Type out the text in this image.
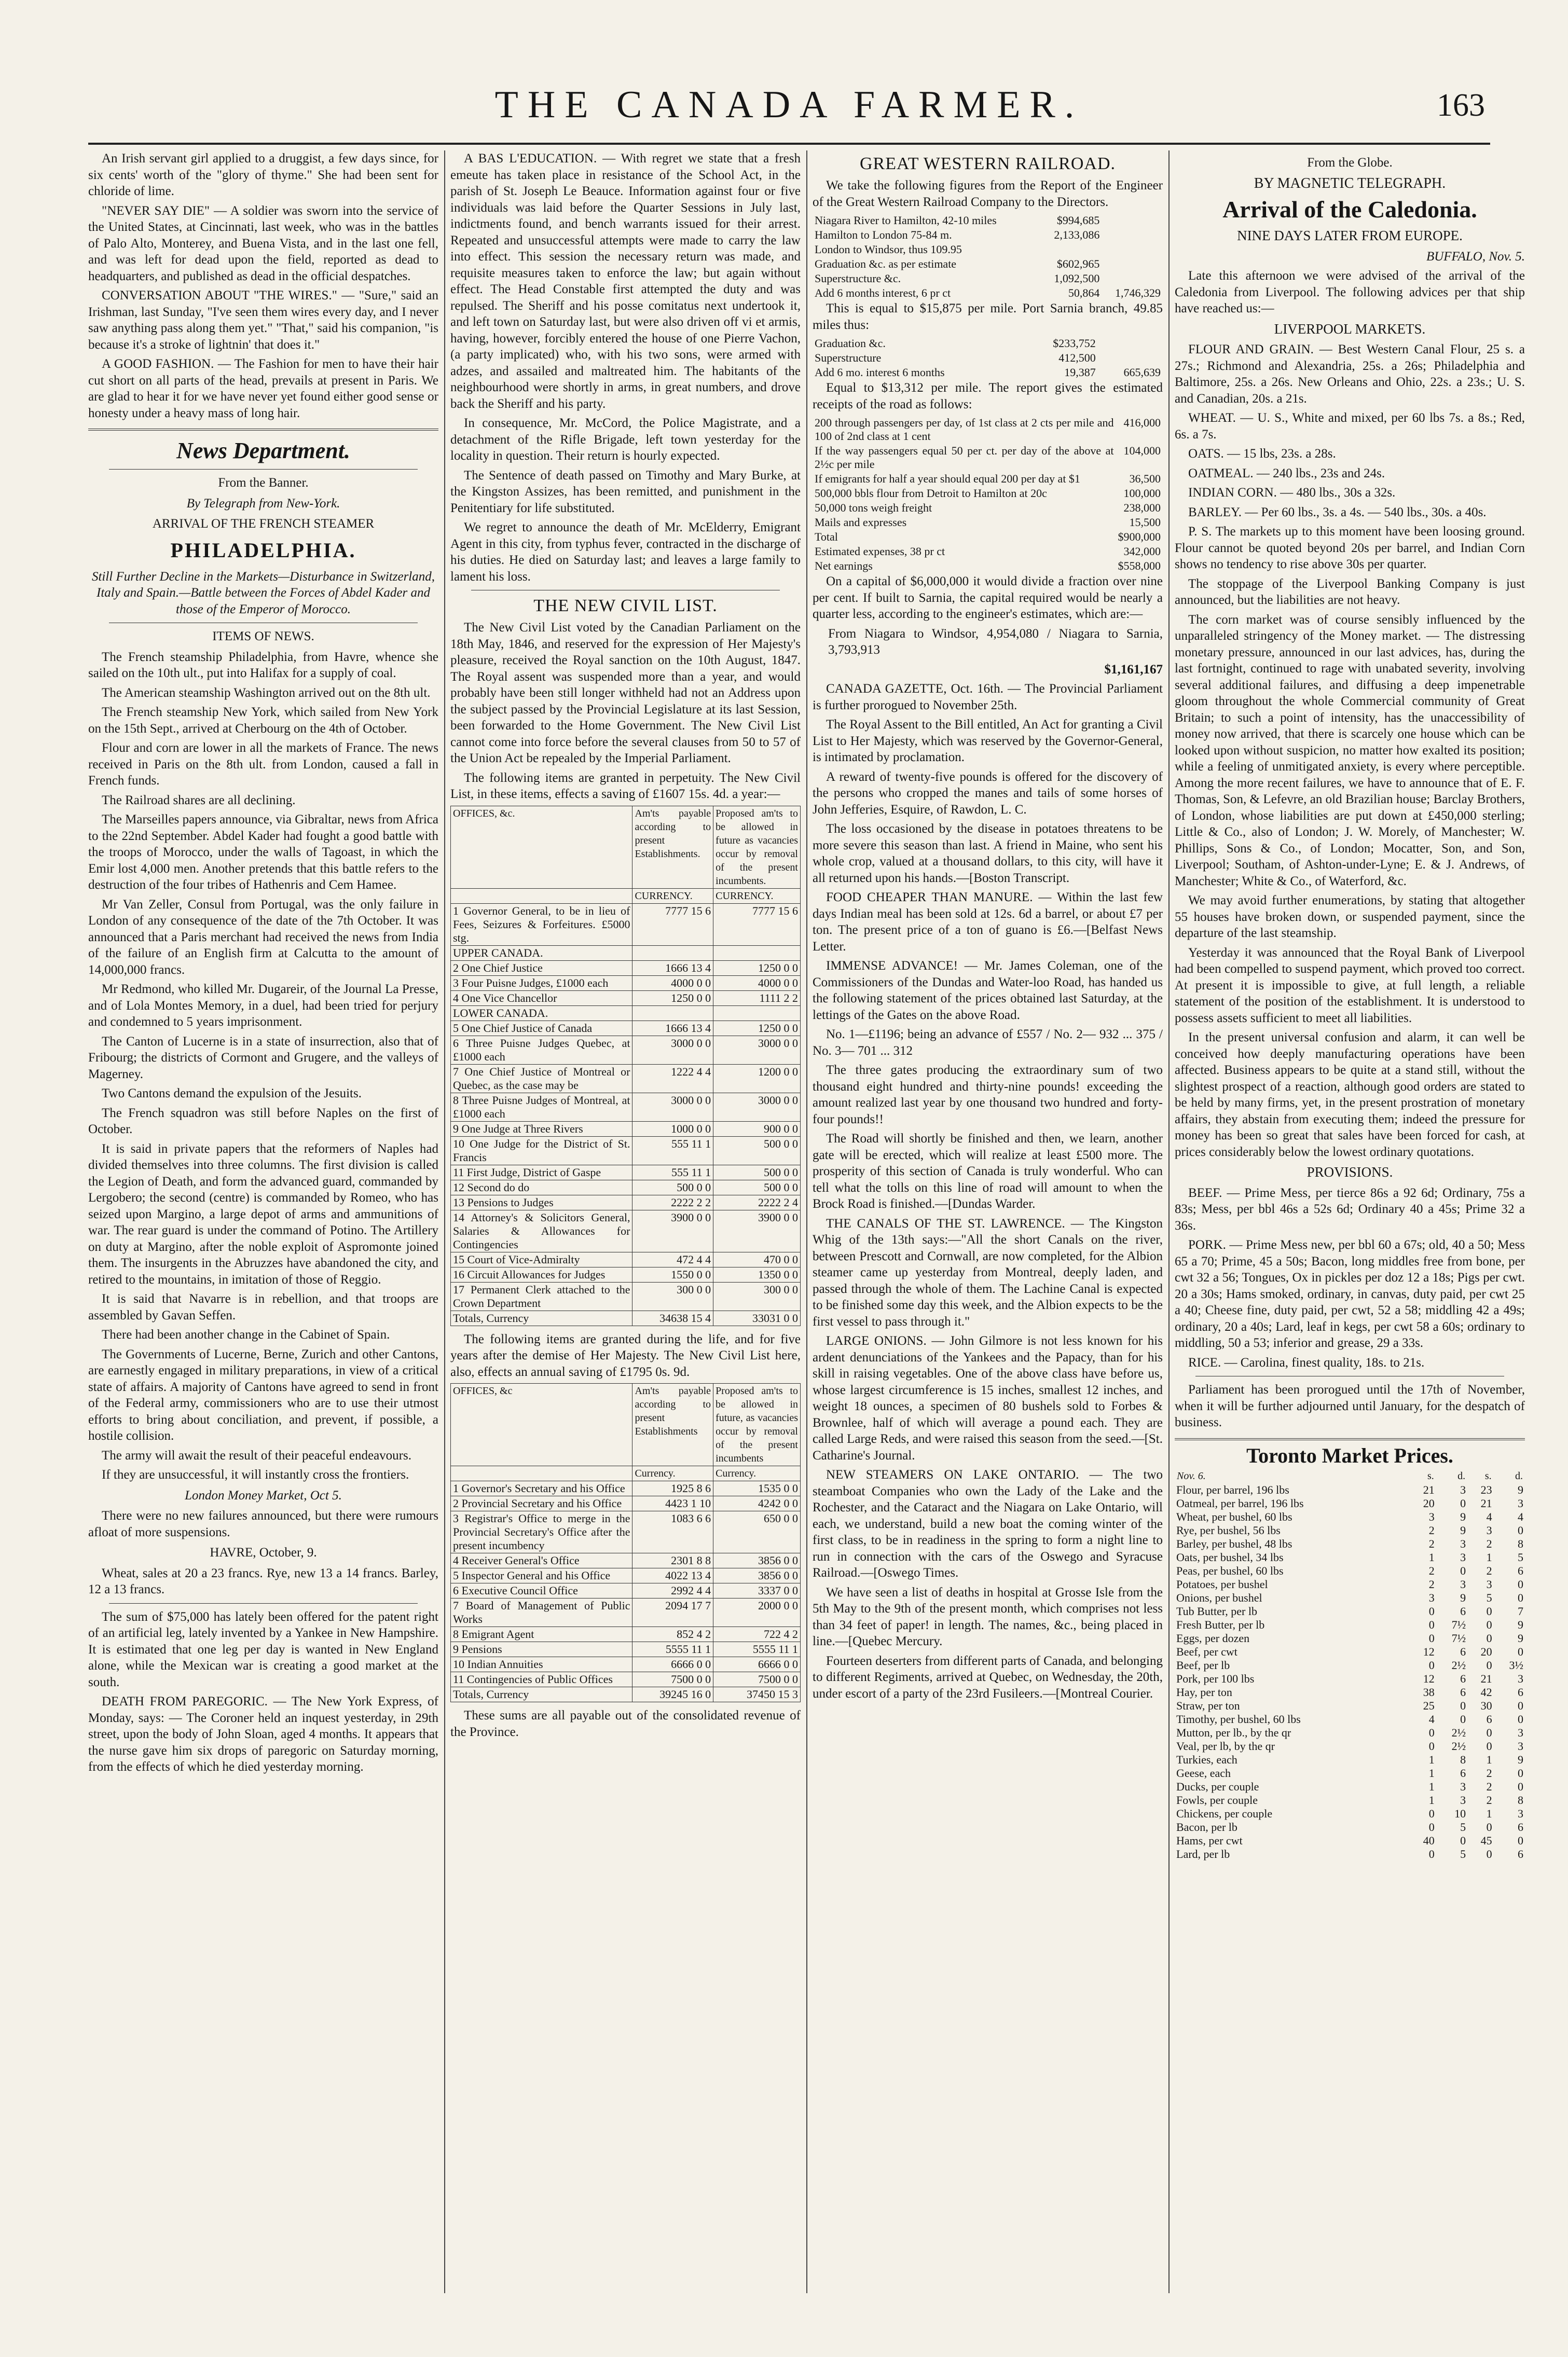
THE CANADA FARMER.	163

An Irish servant girl applied to a druggist, a few days since, for six cents' worth of the "glory of thyme." She had been sent for chloride of lime.

"NEVER SAY DIE" — A soldier was sworn into the service of the United States, at Cincinnati, last week, who was in the battles of Palo Alto, Monterey, and Buena Vista, and in the last one fell, and was left for dead upon the field, reported as dead to headquarters, and published as dead in the official despatches.

CONVERSATION ABOUT "THE WIRES." — "Sure," said an Irishman, last Sunday, "I've seen them wires every day, and I never saw anything pass along them yet." "That," said his companion, "is because it's a stroke of lightnin' that does it."

A GOOD FASHION. — The Fashion for men to have their hair cut short on all parts of the head, prevails at present in Paris. We are glad to hear it for we have never yet found either good sense or honesty under a heavy mass of long hair.

News Department.

From the Banner.

By Telegraph from New-York.

ARRIVAL OF THE FRENCH STEAMER

PHILADELPHIA.

Still Further Decline in the Markets—Disturbance in Switzerland, Italy and Spain.—Battle between the Forces of Abdel Kader and those of the Emperor of Morocco.

ITEMS OF NEWS.

The French steamship Philadelphia, from Havre, whence she sailed on the 10th ult., put into Halifax for a supply of coal.

The American steamship Washington arrived out on the 8th ult.

The French steamship New York, which sailed from New York on the 15th Sept., arrived at Cherbourg on the 4th of October.

Flour and corn are lower in all the markets of France. The news received in Paris on the 8th ult. from London, caused a fall in French funds.

The Railroad shares are all declining.

The Marseilles papers announce, via Gibraltar, news from Africa to the 22nd September. Abdel Kader had fought a good battle with the troops of Morocco, under the walls of Tagoast, in which the Emir lost 4,000 men. Another pretends that this battle refers to the destruction of the four tribes of Hathenris and Cem Hamee.

Mr Van Zeller, Consul from Portugal, was the only failure in London of any consequence of the date of the 7th October. It was announced that a Paris merchant had received the news from India of the failure of an English firm at Calcutta to the amount of 14,000,000 francs.

Mr Redmond, who killed Mr. Dugareir, of the Journal La Presse, and of Lola Montes Memory, in a duel, had been tried for perjury and condemned to 5 years imprisonment.

The Canton of Lucerne is in a state of insurrection, also that of Fribourg; the districts of Cormont and Grugere, and the valleys of Magerney.

Two Cantons demand the expulsion of the Jesuits.

The French squadron was still before Naples on the first of October.

It is said in private papers that the reformers of Naples had divided themselves into three columns. The first division is called the Legion of Death, and form the advanced guard, commanded by Lergobero; the second (centre) is commanded by Romeo, who has seized upon Margino, a large depot of arms and ammunitions of war. The rear guard is under the command of Potino. The Artillery on duty at Margino, after the noble exploit of Aspromonte joined them. The insurgents in the Abruzzes have abandoned the city, and retired to the mountains, in imitation of those of Reggio.

It is said that Navarre is in rebellion, and that troops are assembled by Gavan Seffen.

There had been another change in the Cabinet of Spain.

The Governments of Lucerne, Berne, Zurich and other Cantons, are earnestly engaged in military preparations, in view of a critical state of affairs. A majority of Cantons have agreed to send in front of the Federal army, commissioners who are to use their utmost efforts to bring about conciliation, and prevent, if possible, a hostile collision.

The army will await the result of their peaceful endeavours.

If they are unsuccessful, it will instantly cross the frontiers.

London Money Market, Oct 5.

There were no new failures announced, but there were rumours afloat of more suspensions.

HAVRE, October, 9.

Wheat, sales at 20 a 23 francs. Rye, new 13 a 14 francs. Barley, 12 a 13 francs.

The sum of $75,000 has lately been offered for the patent right of an artificial leg, lately invented by a Yankee in New Hampshire. It is estimated that one leg per day is wanted in New England alone, while the Mexican war is creating a good market at the south.

DEATH FROM PAREGORIC. — The New York Express, of Monday, says: — The Coroner held an inquest yesterday, in 29th street, upon the body of John Sloan, aged 4 months. It appears that the nurse gave him six drops of paregoric on Saturday morning, from the effects of which he died yesterday morning.

A BAS L'EDUCATION. — With regret we state that a fresh emeute has taken place in resistance of the School Act, in the parish of St. Joseph Le Beauce. Information against four or five individuals was laid before the Quarter Sessions in July last, indictments found, and bench warrants issued for their arrest. Repeated and unsuccessful attempts were made to carry the law into effect. This session the necessary return was made, and requisite measures taken to enforce the law; but again without effect. The Head Constable first attempted the duty and was repulsed. The Sheriff and his posse comitatus next undertook it, and left town on Saturday last, but were also driven off vi et armis, having, however, forcibly entered the house of one Pierre Vachon, (a party implicated) who, with his two sons, were armed with adzes, and assailed and maltreated him. The habitants of the neighbourhood were shortly in arms, in great numbers, and drove back the Sheriff and his party.

In consequence, Mr. McCord, the Police Magistrate, and a detachment of the Rifle Brigade, left town yesterday for the locality in question. Their return is hourly expected.

The Sentence of death passed on Timothy and Mary Burke, at the Kingston Assizes, has been remitted, and punishment in the Penitentiary for life substituted.

We regret to announce the death of Mr. McElderry, Emigrant Agent in this city, from typhus fever, contracted in the discharge of his duties. He died on Saturday last; and leaves a large family to lament his loss.

THE NEW CIVIL LIST.

The New Civil List voted by the Canadian Parliament on the 18th May, 1846, and reserved for the expression of Her Majesty's pleasure, received the Royal sanction on the 10th August, 1847. The Royal assent was suspended more than a year, and would probably have been still longer withheld had not an Address upon the subject passed by the Provincial Legislature at its last Session, been forwarded to the Home Government. The New Civil List cannot come into force before the several clauses from 50 to 57 of the Union Act be repealed by the Imperial Parliament.

The following items are granted in perpetuity. The New Civil List, in these items, effects a saving of £1607 15s. 4d. a year:—

OFFICES, &c.	Am'ts payable according to present Establishments.	Proposed am'ts to be allowed in future as vacancies occur by removal of the present incumbents.
	CURRENCY.	CURRENCY.
1 Governor General, to be in lieu of Fees, Seizures & Forfeitures. £5000 stg.	7777 15 6	7777 15 6
UPPER CANADA.		
2 One Chief Justice	1666 13 4	1250 0 0
3 Four Puisne Judges, £1000 each	4000 0 0	4000 0 0
4 One Vice Chancellor	1250 0 0	1111 2 2
LOWER CANADA.		
5 One Chief Justice of Canada	1666 13 4	1250 0 0
6 Three Puisne Judges Quebec, at £1000 each	3000 0 0	3000 0 0
7 One Chief Justice of Montreal or Quebec, as the case may be	1222 4 4	1200 0 0
8 Three Puisne Judges of Montreal, at £1000 each	3000 0 0	3000 0 0
9 One Judge at Three Rivers	1000 0 0	900 0 0
10 One Judge for the District of St. Francis	555 11 1	500 0 0
11 First Judge, District of Gaspe	555 11 1	500 0 0
12 Second do do	500 0 0	500 0 0
13 Pensions to Judges	2222 2 2	2222 2 4
14 Attorney's & Solicitors General, Salaries & Allowances for Contingencies	3900 0 0	3900 0 0
15 Court of Vice-Admiralty	472 4 4	470 0 0
16 Circuit Allowances for Judges	1550 0 0	1350 0 0
17 Permanent Clerk attached to the Crown Department	300 0 0	300 0 0
Totals, Currency	34638 15 4	33031 0 0

The following items are granted during the life, and for five years after the demise of Her Majesty. The New Civil List here, also, effects an annual saving of £1795 0s. 9d.

OFFICES, &c	Am'ts payable according to present Establishments	Proposed am'ts to be allowed in future, as vacancies occur by removal of the present incumbents
	Currency.	Currency.
1 Governor's Secretary and his Office	1925 8 6	1535 0 0
2 Provincial Secretary and his Office	4423 1 10	4242 0 0
3 Registrar's Office to merge in the Provincial Secretary's Office after the present incumbency	1083 6 6	650 0 0
4 Receiver General's Office	2301 8 8	3856 0 0
5 Inspector General and his Office	4022 13 4	3856 0 0
6 Executive Council Office	2992 4 4	3337 0 0
7 Board of Management of Public Works	2094 17 7	2000 0 0
8 Emigrant Agent	852 4 2	722 4 2
9 Pensions	5555 11 1	5555 11 1
10 Indian Annuities	6666 0 0	6666 0 0
11 Contingencies of Public Offices	7500 0 0	7500 0 0
Totals, Currency	39245 16 0	37450 15 3

These sums are all payable out of the consolidated revenue of the Province.

GREAT WESTERN RAILROAD.

We take the following figures from the Report of the Engineer of the Great Western Railroad Company to the Directors.

Niagara River to Hamilton, 42-10 miles	$994,685	
Hamilton to London 75-84 m.	2,133,086	
London to Windsor, thus 109.95		
Graduation &c. as per estimate	$602,965	
Superstructure &c.	1,092,500	
Add 6 months interest, 6 pr ct	50,864	1,746,329

This is equal to $15,875 per mile. Port Sarnia branch, 49.85 miles thus:

Graduation &c.	$233,752	
Superstructure	412,500	
Add 6 mo. interest 6 months	19,387	665,639

Equal to $13,312 per mile. The report gives the estimated receipts of the road as follows:

200 through passengers per day, of 1st class at 2 cts per mile and 100 of 2nd class at 1 cent	416,000
If the way passengers equal 50 per ct. per day of the above at 2½c per mile	104,000
If emigrants for half a year should equal 200 per day at $1	36,500
500,000 bbls flour from Detroit to Hamilton at 20c	100,000
50,000 tons weigh freight	238,000
Mails and expresses	15,500
Total	$900,000
Estimated expenses, 38 pr ct	342,000
Net earnings	$558,000

On a capital of $6,000,000 it would divide a fraction over nine per cent. If built to Sarnia, the capital required would be nearly a quarter less, according to the engineer's estimates, which are:—

From Niagara to Windsor, 4,954,080 / Niagara to Sarnia, 3,793,913

$1,161,167

CANADA GAZETTE, Oct. 16th. — The Provincial Parliament is further prorogued to November 25th.

The Royal Assent to the Bill entitled, An Act for granting a Civil List to Her Majesty, which was reserved by the Governor-General, is intimated by proclamation.

A reward of twenty-five pounds is offered for the discovery of the persons who cropped the manes and tails of some horses of John Jefferies, Esquire, of Rawdon, L. C.

The loss occasioned by the disease in potatoes threatens to be more severe this season than last. A friend in Maine, who sent his whole crop, valued at a thousand dollars, to this city, will have it all returned upon his hands.—[Boston Transcript.

FOOD CHEAPER THAN MANURE. — Within the last few days Indian meal has been sold at 12s. 6d a barrel, or about £7 per ton. The present price of a ton of guano is £6.—[Belfast News Letter.

IMMENSE ADVANCE! — Mr. James Coleman, one of the Commissioners of the Dundas and Water-loo Road, has handed us the following statement of the prices obtained last Saturday, at the lettings of the Gates on the above Road.

No. 1—£1196; being an advance of £557 / No. 2— 932 ... 375 / No. 3— 701 ... 312

The three gates producing the extraordinary sum of two thousand eight hundred and thirty-nine pounds! exceeding the amount realized last year by one thousand two hundred and forty-four pounds!!

The Road will shortly be finished and then, we learn, another gate will be erected, which will realize at least £500 more. The prosperity of this section of Canada is truly wonderful. Who can tell what the tolls on this line of road will amount to when the Brock Road is finished.—[Dundas Warder.

THE CANALS OF THE ST. LAWRENCE. — The Kingston Whig of the 13th says:—"All the short Canals on the river, between Prescott and Cornwall, are now completed, for the Albion steamer came up yesterday from Montreal, deeply laden, and passed through the whole of them. The Lachine Canal is expected to be finished some day this week, and the Albion expects to be the first vessel to pass through it."

LARGE ONIONS. — John Gilmore is not less known for his ardent denunciations of the Yankees and the Papacy, than for his skill in raising vegetables. One of the above class have before us, whose largest circumference is 15 inches, smallest 12 inches, and weight 18 ounces, a specimen of 80 bushels sold to Forbes & Brownlee, half of which will average a pound each. They are called Large Reds, and were raised this season from the seed.—[St. Catharine's Journal.

NEW STEAMERS ON LAKE ONTARIO. — The two steamboat Companies who own the Lady of the Lake and the Rochester, and the Cataract and the Niagara on Lake Ontario, will each, we understand, build a new boat the coming winter of the first class, to be in readiness in the spring to form a night line to run in connection with the cars of the Oswego and Syracuse Railroad.—[Oswego Times.

We have seen a list of deaths in hospital at Grosse Isle from the 5th May to the 9th of the present month, which comprises not less than 34 feet of paper! in length. The names, &c., being placed in line.—[Quebec Mercury.

Fourteen deserters from different parts of Canada, and belonging to different Regiments, arrived at Quebec, on Wednesday, the 20th, under escort of a party of the 23rd Fusileers.—[Montreal Courier.

From the Globe.

BY MAGNETIC TELEGRAPH.

Arrival of the Caledonia.

NINE DAYS LATER FROM EUROPE.

BUFFALO, Nov. 5.

Late this afternoon we were advised of the arrival of the Caledonia from Liverpool. The following advices per that ship have reached us:—

LIVERPOOL MARKETS.

FLOUR AND GRAIN. — Best Western Canal Flour, 25 s. a 27s.; Richmond and Alexandria, 25s. a 26s; Philadelphia and Baltimore, 25s. a 26s. New Orleans and Ohio, 22s. a 23s.; U. S. and Canadian, 20s. a 21s.

WHEAT. — U. S., White and mixed, per 60 lbs 7s. a 8s.; Red, 6s. a 7s.

OATS. — 15 lbs, 23s. a 28s.

OATMEAL. — 240 lbs., 23s and 24s.

INDIAN CORN. — 480 lbs., 30s a 32s.

BARLEY. — Per 60 lbs., 3s. a 4s. — 540 lbs., 30s. a 40s.

P. S. The markets up to this moment have been loosing ground. Flour cannot be quoted beyond 20s per barrel, and Indian Corn shows no tendency to rise above 30s per quarter.

The stoppage of the Liverpool Banking Company is just announced, but the liabilities are not heavy.

The corn market was of course sensibly influenced by the unparalleled stringency of the Money market. — The distressing monetary pressure, announced in our last advices, has, during the last fortnight, continued to rage with unabated severity, involving several additional failures, and diffusing a deep impenetrable gloom throughout the whole Commercial community of Great Britain; to such a point of intensity, has the unaccessibility of money now arrived, that there is scarcely one house which can be looked upon without suspicion, no matter how exalted its position; while a feeling of unmitigated anxiety, is every where perceptible. Among the more recent failures, we have to announce that of E. F. Thomas, Son, & Lefevre, an old Brazilian house; Barclay Brothers, of London, whose liabilities are put down at £450,000 sterling; Little & Co., also of London; J. W. Morely, of Manchester; W. Phillips, Sons & Co., of London; Mocatter, Son, and Son, Liverpool; Southam, of Ashton-under-Lyne; E. & J. Andrews, of Manchester; White & Co., of Waterford, &c.

We may avoid further enumerations, by stating that altogether 55 houses have broken down, or suspended payment, since the departure of the last steamship.

Yesterday it was announced that the Royal Bank of Liverpool had been compelled to suspend payment, which proved too correct. At present it is impossible to give, at full length, a reliable statement of the position of the establishment. It is understood to possess assets sufficient to meet all liabilities.

In the present universal confusion and alarm, it can well be conceived how deeply manufacturing operations have been affected. Business appears to be quite at a stand still, without the slightest prospect of a reaction, although good orders are stated to be held by many firms, yet, in the present prostration of monetary affairs, they abstain from executing them; indeed the pressure for money has been so great that sales have been forced for cash, at prices considerably below the lowest ordinary quotations.

PROVISIONS.

BEEF. — Prime Mess, per tierce 86s a 92 6d; Ordinary, 75s a 83s; Mess, per bbl 46s a 52s 6d; Ordinary 40 a 45s; Prime 32 a 36s.

PORK. — Prime Mess new, per bbl 60 a 67s; old, 40 a 50; Mess 65 a 70; Prime, 45 a 50s; Bacon, long middles free from bone, per cwt 32 a 56; Tongues, Ox in pickles per doz 12 a 18s; Pigs per cwt. 20 a 30s; Hams smoked, ordinary, in canvas, duty paid, per cwt 25 a 40; Cheese fine, duty paid, per cwt, 52 a 58; middling 42 a 49s; ordinary, 20 a 40s; Lard, leaf in kegs, per cwt 58 a 60s; ordinary to middling, 50 a 53; inferior and grease, 29 a 33s.

RICE. — Carolina, finest quality, 18s. to 21s.

Parliament has been prorogued until the 17th of November, when it will be further adjourned until January, for the despatch of business.

Toronto Market Prices.
Nov. 6.	s.	d.	s.	d.
Flour, per barrel, 196 lbs	21	3	23	9
Oatmeal, per barrel, 196 lbs	20	0	21	3
Wheat, per bushel, 60 lbs	3	9	4	4
Rye, per bushel, 56 lbs	2	9	3	0
Barley, per bushel, 48 lbs	2	3	2	8
Oats, per bushel, 34 lbs	1	3	1	5
Peas, per bushel, 60 lbs	2	0	2	6
Potatoes, per bushel	2	3	3	0
Onions, per bushel	3	9	5	0
Tub Butter, per lb	0	6	0	7
Fresh Butter, per lb	0	7½	0	9
Eggs, per dozen	0	7½	0	9
Beef, per cwt	12	6	20	0
Beef, per lb	0	2½	0	3½
Pork, per 100 lbs	12	6	21	3
Hay, per ton	38	6	42	6
Straw, per ton	25	0	30	0
Timothy, per bushel, 60 lbs	4	0	6	0
Mutton, per lb., by the qr	0	2½	0	3
Veal, per lb, by the qr	0	2½	0	3
Turkies, each	1	8	1	9
Geese, each	1	6	2	0
Ducks, per couple	1	3	2	0
Fowls, per couple	1	3	2	8
Chickens, per couple	0	10	1	3
Bacon, per lb	0	5	0	6
Hams, per cwt	40	0	45	0
Lard, per lb	0	5	0	6
